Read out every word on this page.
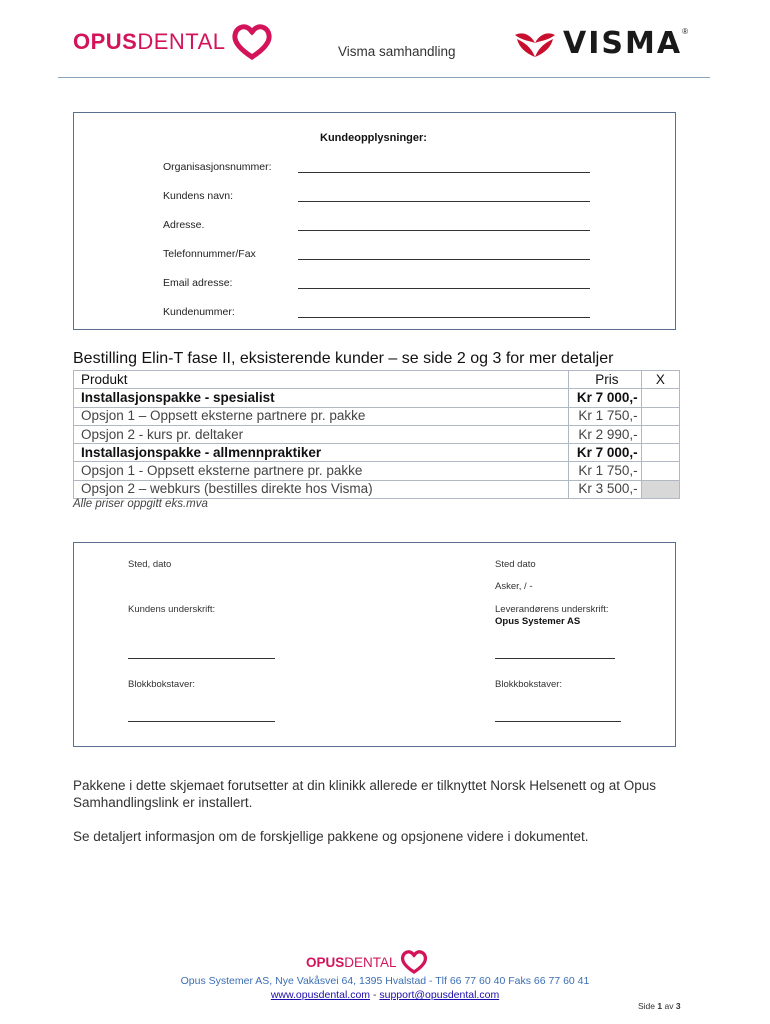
OPUS DENTAL	Visma samhandling	VISMA ®
Kundeopplysninger:
Organisasjonsnummer:
Kundens navn:
Adresse.
Telefonnummer/Fax
Email adresse:
Kundenummer:
Bestilling Elin-T fase II, eksisterende kunder – se side 2 og 3 for mer detaljer
Produkt	Pris	X
Installasjonspakke - spesialist	Kr 7 000,-	
Opsjon 1 – Oppsett eksterne partnere pr. pakke	Kr 1 750,-	
Opsjon 2 - kurs pr. deltaker	Kr 2 990,-	
Installasjonspakke - allmennpraktiker	Kr 7 000,-	
Opsjon 1 - Oppsett eksterne partnere pr. pakke	Kr 1 750,-	
Opsjon 2 – webkurs (bestilles direkte hos Visma)	Kr 3 500,-	
Alle priser oppgitt eks.mva
Sted, dato
Kundens underskrift:
Blokkbokstaver:
Sted dato
Asker, / -
Leverandørens underskrift:
Opus Systemer AS
Blokkbokstaver:
Pakkene i dette skjemaet forutsetter at din klinikk allerede er tilknyttet Norsk Helsenett og at Opus Samhandlingslink er installert.
Se detaljert informasjon om de forskjellige pakkene og opsjonene videre i dokumentet.
OPUS DENTAL
Opus Systemer AS, Nye Vakåsvei 64, 1395 Hvalstad - Tlf 66 77 60 40 Faks 66 77 60 41
www.opusdental.com - support@opusdental.com
Side 1 av 3
